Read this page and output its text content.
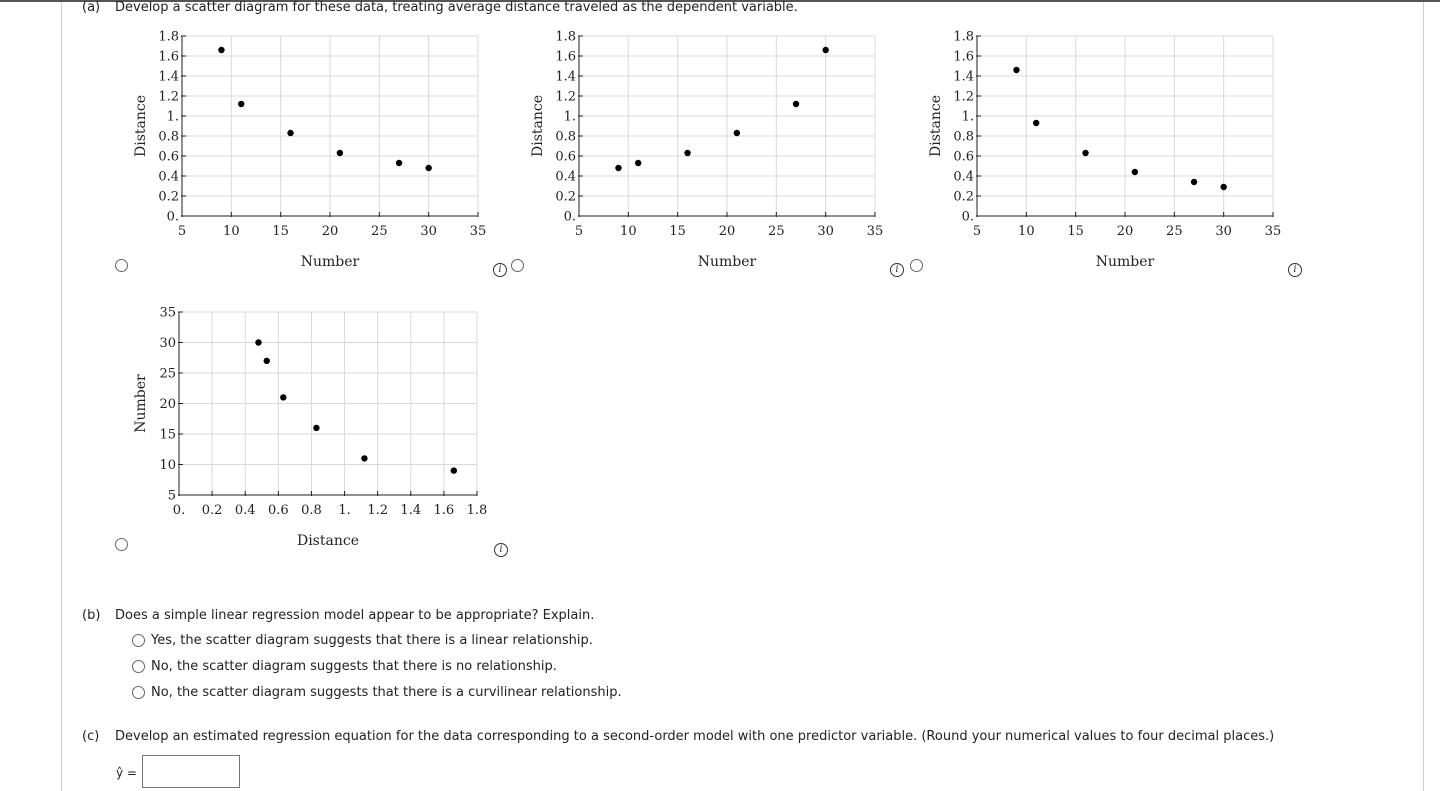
(a) Develop a scatter diagram for these data, treating average distance traveled as the dependent variable.
5	10	15	20	25	30	35
0.
0.2
0.4
0.6
0.8
1.
1.2
1.4
1.6
1.8
Number
Distance
5	10	15	20	25	30	35
0.
0.2
0.4
0.6
0.8
1.
1.2
1.4
1.6
1.8
Number
Distance
5	10	15	20	25	30	35
0.
0.2
0.4
0.6
0.8
1.
1.2
1.4
1.6
1.8
Number
Distance
0. 0.2 0.4 0.6 0.8 1. 1.2 1.4 1.6 1.8
5
10
15
20
25
30
35
Distance
Number
i	i	i
i
(b) Does a simple linear regression model appear to be appropriate? Explain.
Yes, the scatter diagram suggests that there is a linear relationship.
No, the scatter diagram suggests that there is no relationship.
No, the scatter diagram suggests that there is a curvilinear relationship.
(c) Develop an estimated regression equation for the data corresponding to a second-order model with one predictor variable. (Round your numerical values to four decimal places.)
ŷ =
